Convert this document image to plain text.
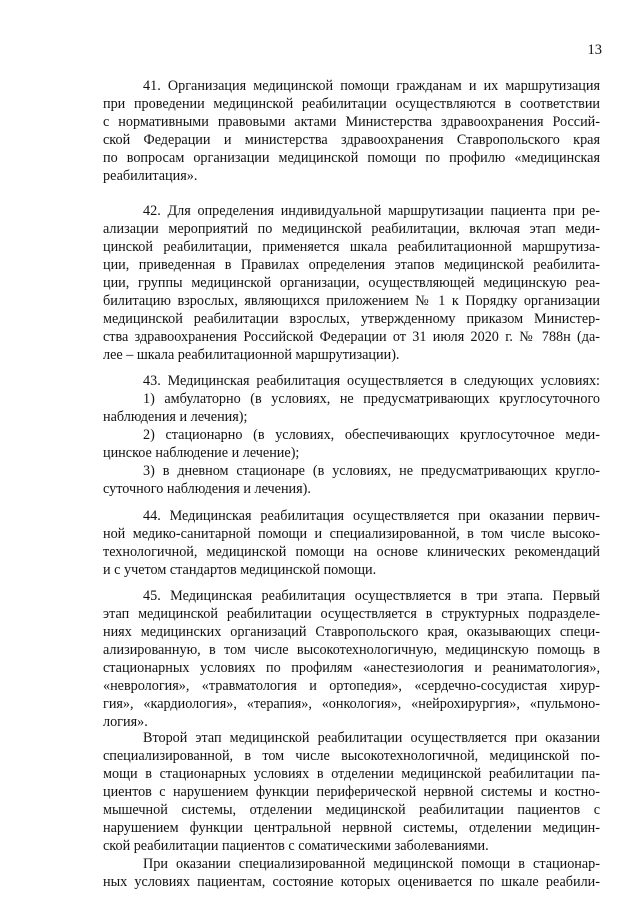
13
41. Организация медицинской помощи гражданам и их маршрутизация
при проведении медицинской реабилитации осуществляются в соответствии
с нормативными правовыми актами Министерства здравоохранения Россий-
ской Федерации и министерства здравоохранения Ставропольского края
по вопросам организации медицинской помощи по профилю «медицинская
реабилитация».
42. Для определения индивидуальной маршрутизации пациента при ре-
ализации мероприятий по медицинской реабилитации, включая этап меди-
цинской реабилитации, применяется шкала реабилитационной маршрутиза-
ции, приведенная в Правилах определения этапов медицинской реабилита-
ции, группы медицинской организации, осуществляющей медицинскую реа-
билитацию взрослых, являющихся приложением № 1 к Порядку организации
медицинской реабилитации взрослых, утвержденному приказом Министер-
ства здравоохранения Российской Федерации от 31 июля 2020 г. № 788н (да-
лее – шкала реабилитационной маршрутизации).
43. Медицинская реабилитация осуществляется в следующих условиях:
1) амбулаторно (в условиях, не предусматривающих круглосуточного
наблюдения и лечения);
2) стационарно (в условиях, обеспечивающих круглосуточное меди-
цинское наблюдение и лечение);
3) в дневном стационаре (в условиях, не предусматривающих кругло-
суточного наблюдения и лечения).
44. Медицинская реабилитация осуществляется при оказании первич-
ной медико-санитарной помощи и специализированной, в том числе высоко-
технологичной, медицинской помощи на основе клинических рекомендаций
и с учетом стандартов медицинской помощи.
45. Медицинская реабилитация осуществляется в три этапа. Первый
этап медицинской реабилитации осуществляется в структурных подразделе-
ниях медицинских организаций Ставропольского края, оказывающих специ-
ализированную, в том числе высокотехнологичную, медицинскую помощь в
стационарных условиях по профилям «анестезиология и реаниматология»,
«неврология», «травматология и ортопедия», «сердечно-сосудистая хирур-
гия», «кардиология», «терапия», «онкология», «нейрохирургия», «пульмоно-
логия».
Второй этап медицинской реабилитации осуществляется при оказании
специализированной, в том числе высокотехнологичной, медицинской по-
мощи в стационарных условиях в отделении медицинской реабилитации па-
циентов с нарушением функции периферической нервной системы и костно-
мышечной системы, отделении медицинской реабилитации пациентов с
нарушением функции центральной нервной системы, отделении медицин-
ской реабилитации пациентов с соматическими заболеваниями.
При оказании специализированной медицинской помощи в стационар-
ных условиях пациентам, состояние которых оценивается по шкале реабили-
